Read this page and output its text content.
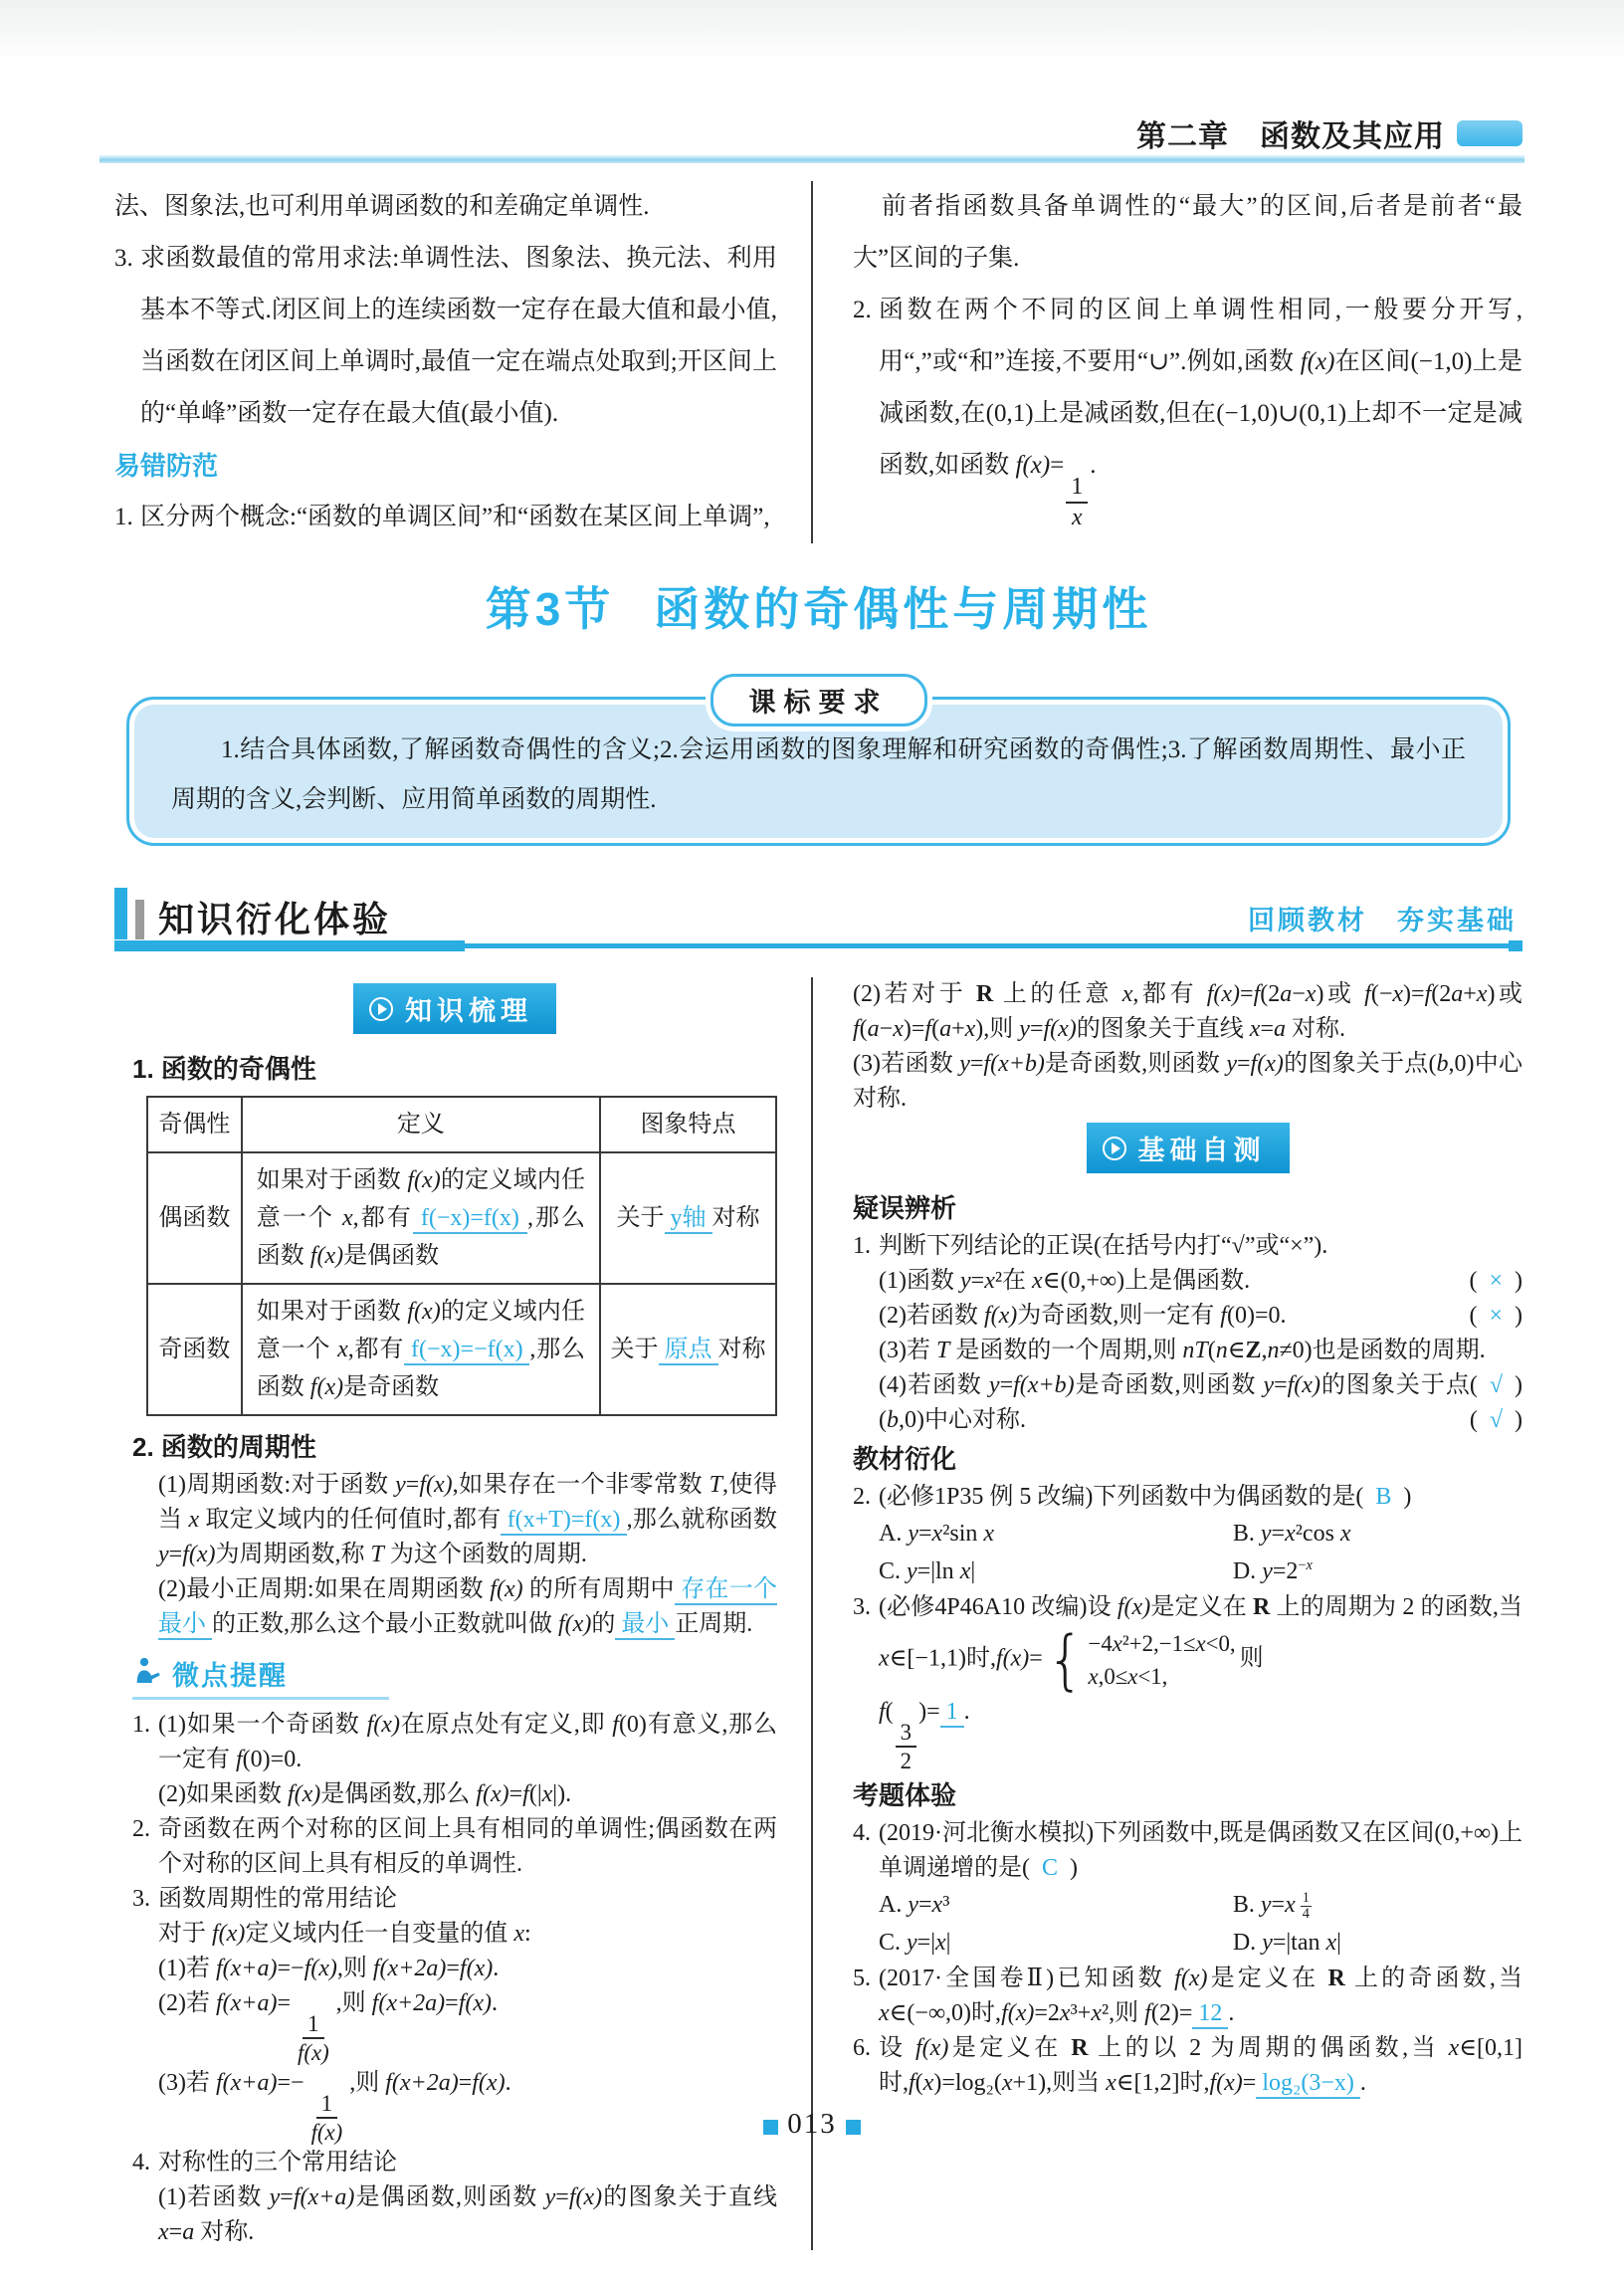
第二章　函数及其应用
法、图象法,也可利用单调函数的和差确定单调性.
3. 求函数最值的常用求法:单调性法、图象法、换元法、利用基本不等式.闭区间上的连续函数一定存在最大值和最小值,当函数在闭区间上单调时,最值一定在端点处取到;开区间上的“单峰”函数一定存在最大值(最小值).
易错防范
1. 区分两个概念:“函数的单调区间”和“函数在某区间上单调”,
前者指函数具备单调性的“最大”的区间,后者是前者“最大”区间的子集.
2. 函数在两个不同的区间上单调性相同,一般要分开写,用“,”或“和”连接,不要用“∪”.例如,函数 f(x)在区间(−1,0)上是减函数,在(0,1)上是减函数,但在(−1,0)∪(0,1)上却不一定是减函数,如函数 f(x)=
$\frac{1}{x}$
.
第3节 函数的奇偶性与周期性
课标要求
1.结合具体函数,了解函数奇偶性的含义;2.会运用函数的图象理解和研究函数的奇偶性;3.了解函数周期性、最小正周期的含义,会判断、应用简单函数的周期性.
知识衍化体验	回顾教材　夯实基础
知识梳理
1. 函数的奇偶性
奇偶性	定义	图象特点
偶函数	如果对于函数 f(x)的定义域内任意一个 x,都有 f(−x)=f(x) ,那么函数 f(x)是偶函数	关于 y轴 对称
奇函数	如果对于函数 f(x)的定义域内任意一个 x,都有 f(−x)=−f(x) ,那么函数 f(x)是奇函数	关于 原点 对称
2. 函数的周期性
(1)周期函数:对于函数 y=f(x),如果存在一个非零常数 T,使得当 x 取定义域内的任何值时,都有 f(x+T)=f(x) ,那么就称函数 y=f(x)为周期函数,称 T 为这个函数的周期.
(2)最小正周期:如果在周期函数 f(x) 的所有周期中 存在一个最小 的正数,那么这个最小正数就叫做 f(x)的 最小 正周期.
微点提醒
1. (1)如果一个奇函数 f(x)在原点处有定义,即 f(0)有意义,那么一定有 f(0)=0.
(2)如果函数 f(x)是偶函数,那么 f(x)=f(|x|).
2. 奇函数在两个对称的区间上具有相同的单调性;偶函数在两个对称的区间上具有相反的单调性.
3. 函数周期性的常用结论
对于 f(x)定义域内任一自变量的值 x:
(1)若 f(x+a)=−f(x),则 f(x+2a)=f(x).
(2)若 f(x+a)=
$\frac{1}{f(x)}$
,则 f(x+2a)=f(x).
(3)若 f(x+a)=−
$\frac{1}{f(x)}$
,则 f(x+2a)=f(x).
4. 对称性的三个常用结论
(1)若函数 y=f(x+a)是偶函数,则函数 y=f(x)的图象关于直线 x=a 对称.
(2)若对于 R 上的任意 x,都有 f(x)=f(2a−x)或 f(−x)=f(2a+x)或 f(a−x)=f(a+x),则 y=f(x)的图象关于直线 x=a 对称.
(3)若函数 y=f(x+b)是奇函数,则函数 y=f(x)的图象关于点(b,0)中心对称.
基础自测
疑误辨析
1. 判断下列结论的正误(在括号内打“√”或“×”).
(1)函数 y=x²在 x∈(0,+∞)上是偶函数.	(  ×  )
(2)若函数 f(x)为奇函数,则一定有 f(0)=0.	(  ×  )
(3)若 T 是函数的一个周期,则 nT(n∈Z,n≠0)也是函数的周期.
(  √  )
(4)若函数 y=f(x+b)是奇函数,则函数 y=f(x)的图象关于点(b,0)中心对称.	(  √  )
教材衍化
2. (必修1P35 例 5 改编)下列函数中为偶函数的是(  B  )
A. y=x²sin x	B. y=x²cos x
C. y=|ln x|	D. $y=2^{-x}$
3. (必修4P46A10 改编)设 f(x)是定义在 R 上的周期为 2 的函数,当 x∈[−1,1)时,f(x)= { −4x²+2,−1≤x<0,
x,0≤x<1,
则
f(
$\frac{3}{2}$
)= 1 .
考题体验
4. (2019·河北衡水模拟)下列函数中,既是偶函数又在区间(0,+∞)上单调递增的是(  C  )
A. y=x³	B. y=x $^{\frac{1}{4}}$
C. y=|x|	D. y=|tan x|
5. (2017·全国卷Ⅱ)已知函数 f(x)是定义在 R 上的奇函数,当 x∈(−∞,0)时,f(x)=2x³+x²,则 f(2)= 12 .
6. 设 f(x)是定义在 R 上的以 2 为周期的偶函数,当 x∈[0,1]时,f(x)=log₂(x+1),则当 x∈[1,2]时,f(x)= log₂(3−x) .
013
